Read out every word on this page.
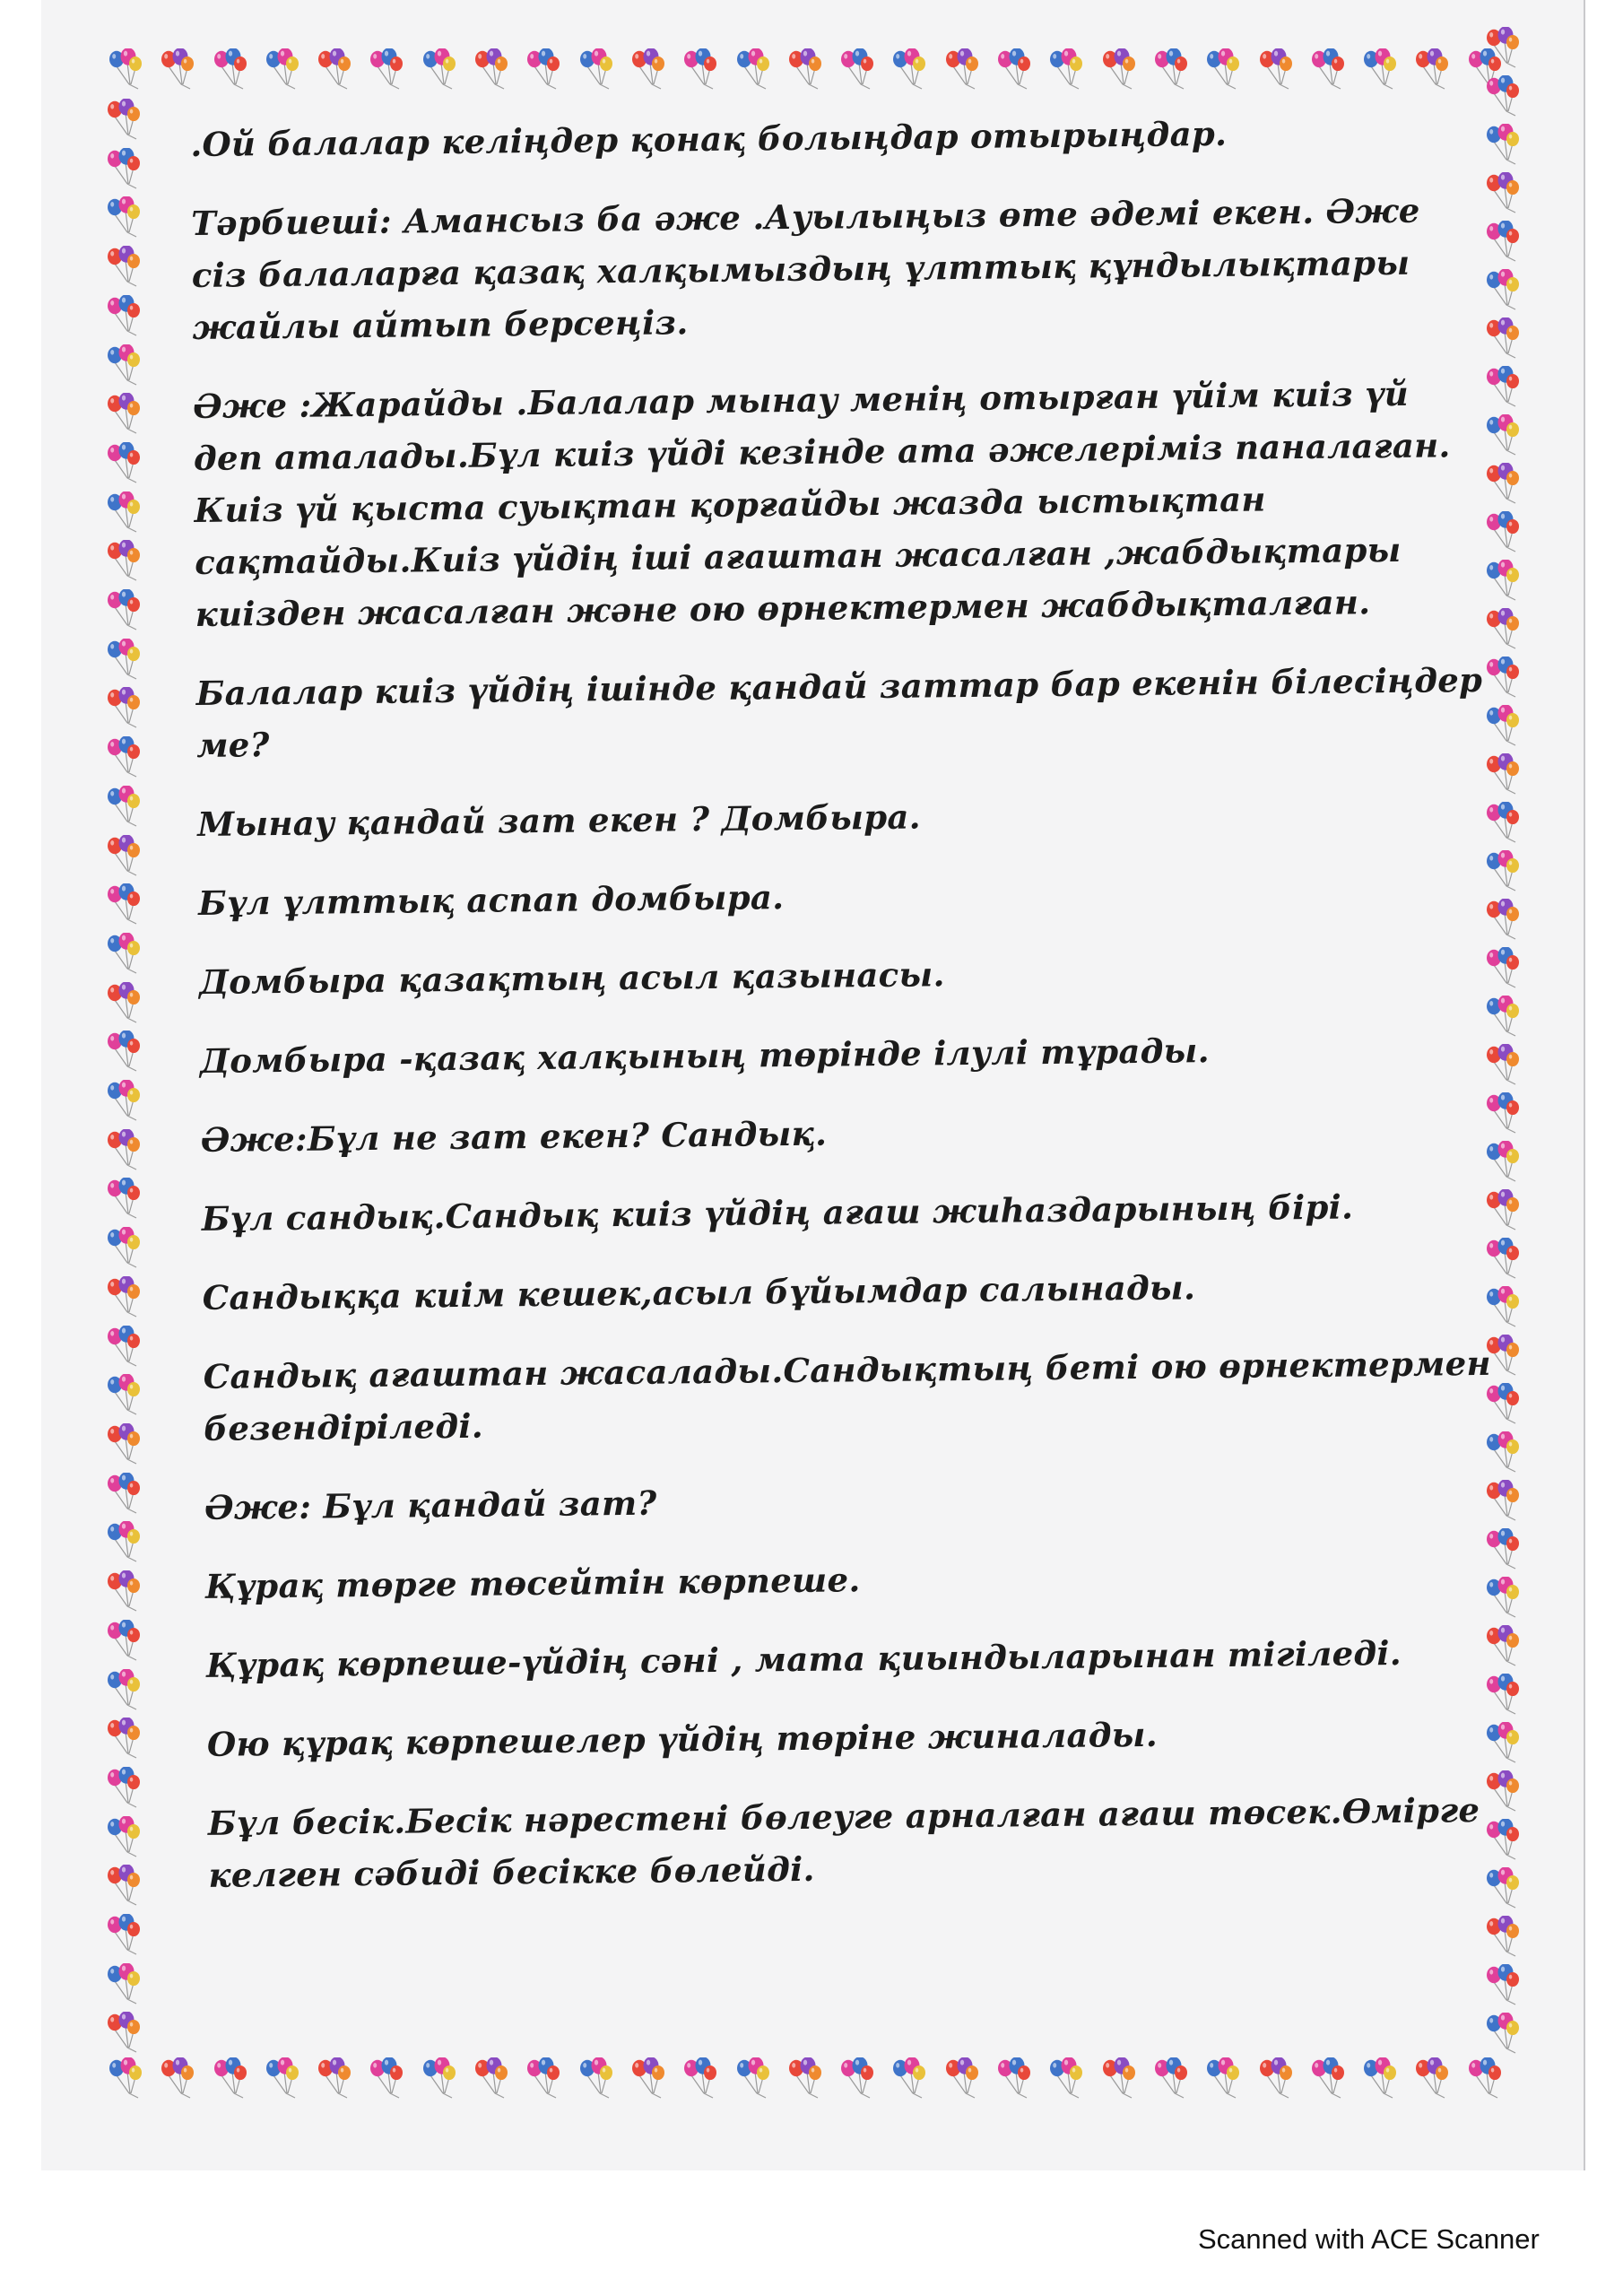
.Ой балалар келіңдер қонақ болыңдар отырыңдар.

Тәрбиеші: Амансыз ба әже .Ауылыңыз өте әдемі екен. Әже сіз балаларға қазақ халқымыздың ұлттық құндылықтары жайлы айтып берсеңіз.

Әже :Жарайды .Балалар мынау менің отырған үйім киіз үй деп аталады.Бұл киіз үйді кезінде ата әжелеріміз паналаған. Киіз үй қыста суықтан қорғайды жазда ыстықтан сақтайды.Киіз үйдің іші ағаштан жасалған ,жабдықтары киізден жасалған және ою өрнектермен жабдықталған.

Балалар киіз үйдің ішінде қандай заттар бар екенін білесіңдер ме?

Мынау қандай зат екен ? Домбыра.

Бұл ұлттық аспап домбыра.

Домбыра қазақтың асыл қазынасы.

Домбыра -қазақ халқының төрінде ілулі тұрады.

Әже:Бұл не зат екен? Сандық.

Бұл сандық.Сандық киіз үйдің ағаш жиhаздарының бірі.

Сандыққа киім кешек,асыл бұйымдар салынады.

Сандық ағаштан жасалады.Сандықтың беті ою өрнектермен безендіріледі.

Әже: Бұл қандай зат?

Құрақ төрге төсейтін көрпеше.

Құрақ көрпеше-үйдің сәні , мата қиындыларынан тігіледі.

Ою құрақ көрпешелер үйдің төріне жиналады.

Бұл бесік.Бесік нәрестені бөлеуге арналған ағаш төсек.Өмірге келген сәбиді бесікке бөлейді.

Scanned with ACE Scanner
